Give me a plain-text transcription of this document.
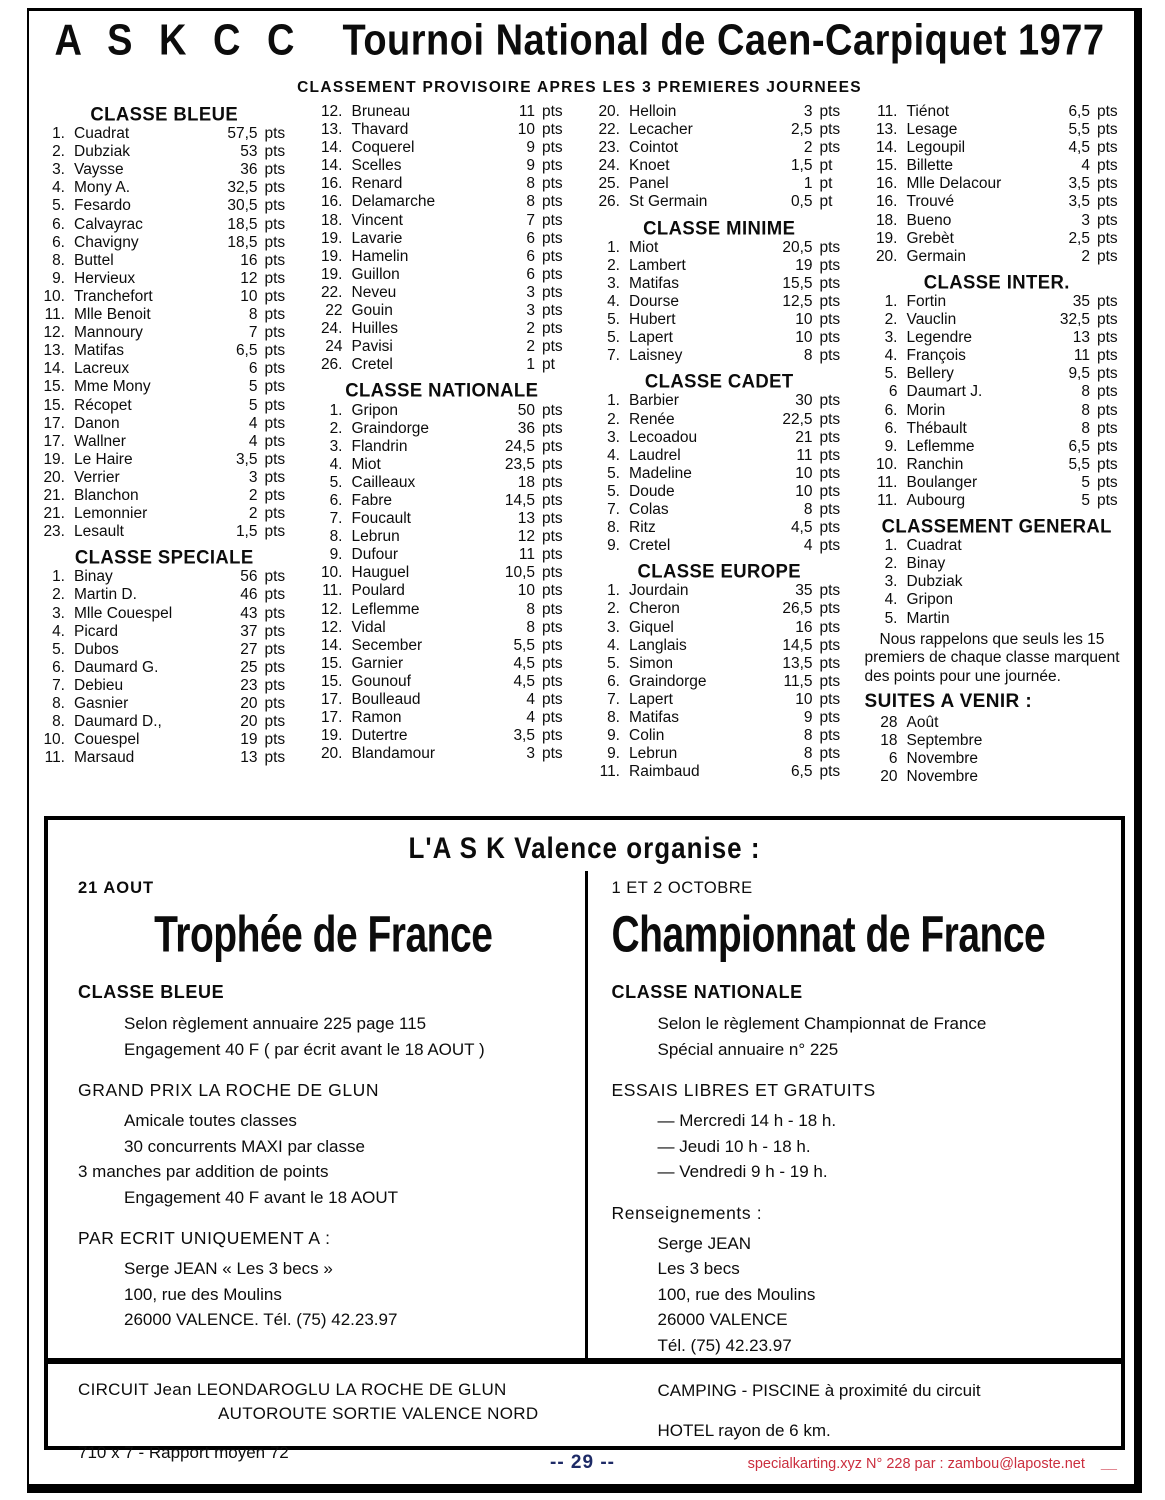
A S K C C Tournoi National de Caen-Carpiquet 1977
CLASSEMENT PROVISOIRE APRES LES 3 PREMIERES JOURNEES
CLASSE BLEUE
1. Cuadrat	57,5 pts
2. Dubziak	53 pts
3. Vaysse	36 pts
4. Mony A.	32,5 pts
5. Fesardo	30,5 pts
6. Calvayrac	18,5 pts
6. Chavigny	18,5 pts
8. Buttel	16 pts
9. Hervieux	12 pts
10. Tranchefort	10 pts
11. Mlle Benoit	8 pts
12. Mannoury	7 pts
13. Matifas	6,5 pts
14. Lacreux	6 pts
15. Mme Mony	5 pts
15. Récopet	5 pts
17. Danon	4 pts
17. Wallner	4 pts
19. Le Haire	3,5 pts
20. Verrier	3 pts
21. Blanchon	2 pts
21. Lemonnier	2 pts
23. Lesault	1,5 pts
CLASSE SPECIALE
1. Binay	56 pts
2. Martin D.	46 pts
3. Mlle Couespel	43 pts
4. Picard	37 pts
5. Dubos	27 pts
6. Daumard G.	25 pts
7. Debieu	23 pts
8. Gasnier	20 pts
8. Daumard D.,	20 pts
10. Couespel	19 pts
11. Marsaud	13 pts
12. Bruneau	11 pts
13. Thavard	10 pts
14. Coquerel	9 pts
14. Scelles	9 pts
16. Renard	8 pts
16. Delamarche	8 pts
18. Vincent	7 pts
19. Lavarie	6 pts
19. Hamelin	6 pts
19. Guillon	6 pts
22. Neveu	3 pts
22 Gouin	3 pts
24. Huilles	2 pts
24 Pavisi	2 pts
26. Cretel	1 pt
CLASSE NATIONALE
1. Gripon	50 pts
2. Graindorge	36 pts
3. Flandrin	24,5 pts
4. Miot	23,5 pts
5. Cailleaux	18 pts
6. Fabre	14,5 pts
7. Foucault	13 pts
8. Lebrun	12 pts
9. Dufour	11 pts
10. Hauguel	10,5 pts
11. Poulard	10 pts
12. Leflemme	8 pts
12. Vidal	8 pts
14. Secember	5,5 pts
15. Garnier	4,5 pts
15. Gounouf	4,5 pts
17. Boulleaud	4 pts
17. Ramon	4 pts
19. Dutertre	3,5 pts
20. Blandamour	3 pts
20. Helloin	3 pts
22. Lecacher	2,5 pts
23. Cointot	2 pts
24. Knoet	1,5 pt
25. Panel	1 pt
26. St Germain	0,5 pt
CLASSE MINIME
1. Miot	20,5 pts
2. Lambert	19 pts
3. Matifas	15,5 pts
4. Dourse	12,5 pts
5. Hubert	10 pts
5. Lapert	10 pts
7. Laisney	8 pts
CLASSE CADET
1. Barbier	30 pts
2. Renée	22,5 pts
3. Lecoadou	21 pts
4. Laudrel	11 pts
5. Madeline	10 pts
5. Doude	10 pts
7. Colas	8 pts
8. Ritz	4,5 pts
9. Cretel	4 pts
CLASSE EUROPE
1. Jourdain	35 pts
2. Cheron	26,5 pts
3. Giquel	16 pts
4. Langlais	14,5 pts
5. Simon	13,5 pts
6. Graindorge	11,5 pts
7. Lapert	10 pts
8. Matifas	9 pts
9. Colin	8 pts
9. Lebrun	8 pts
11. Raimbaud	6,5 pts
11. Tiénot	6,5 pts
13. Lesage	5,5 pts
14. Legoupil	4,5 pts
15. Billette	4 pts
16. Mlle Delacour	3,5 pts
16. Trouvé	3,5 pts
18. Bueno	3 pts
19. Grebèt	2,5 pts
20. Germain	2 pts
CLASSE INTER.
1. Fortin	35 pts
2. Vauclin	32,5 pts
3. Legendre	13 pts
4. François	11 pts
5. Bellery	9,5 pts
6 Daumart J.	8 pts
6. Morin	8 pts
6. Thébault	8 pts
9. Leflemme	6,5 pts
10. Ranchin	5,5 pts
11. Boulanger	5 pts
11. Aubourg	5 pts
CLASSEMENT GENERAL
1. Cuadrat
2. Binay
3. Dubziak
4. Gripon
5. Martin

Nous rappelons que seuls les 15 premiers de chaque classe marquent des points pour une journée.

SUITES A VENIR :
28 Août
18 Septembre
6 Novembre
20 Novembre
L'A S K Valence organise :
21 AOUT
Trophée de France
CLASSE BLEUE
Selon règlement annuaire 225 page 115
Engagement 40 F ( par écrit avant le 18 AOUT )
GRAND PRIX LA ROCHE DE GLUN
Amicale toutes classes
30 concurrents MAXI par classe
3 manches par addition de points
Engagement 40 F avant le 18 AOUT
PAR ECRIT UNIQUEMENT A :
Serge JEAN « Les 3 becs »
100, rue des Moulins
26000 VALENCE. Tél. (75) 42.23.97
1 ET 2 OCTOBRE
Championnat de France
CLASSE NATIONALE
Selon le règlement Championnat de France
Spécial annuaire n° 225
ESSAIS LIBRES ET GRATUITS
— Mercredi 14 h - 18 h.
— Jeudi 10 h - 18 h.
— Vendredi 9 h - 19 h.
Renseignements :
Serge JEAN
Les 3 becs
100, rue des Moulins
26000 VALENCE
Tél. (75) 42.23.97
CIRCUIT Jean LEONDAROGLU LA ROCHE DE GLUN
AUTOROUTE SORTIE VALENCE NORD
710 x 7 - Rapport moyen 72
CAMPING - PISCINE à proximité du circuit
HOTEL rayon de 6 km.
-- 29 --	specialkarting.xyz N° 228 par : zambou@laposte.net __
